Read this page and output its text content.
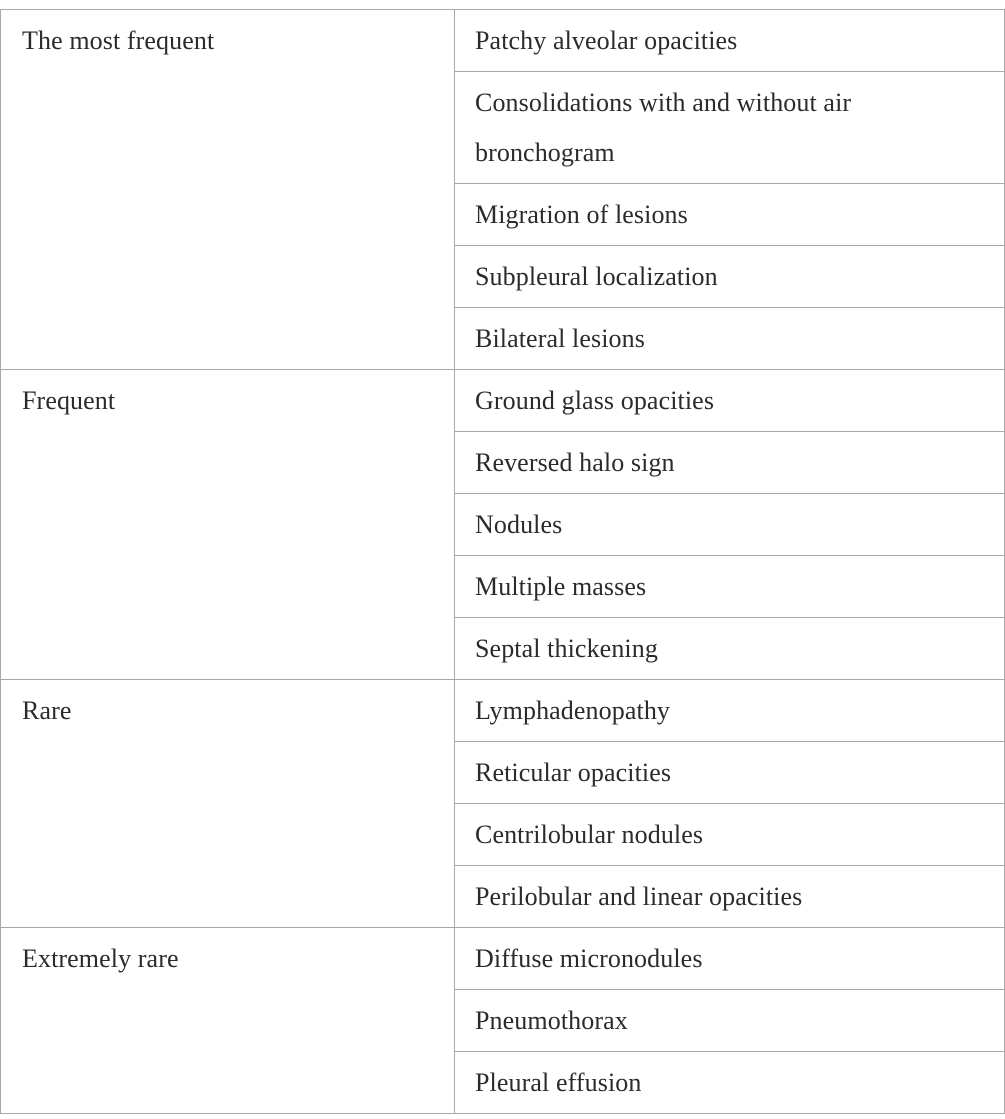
The most frequent	Patchy alveolar opacities
	Consolidations with and without air bronchogram
	Migration of lesions
	Subpleural localization
	Bilateral lesions
Frequent	Ground glass opacities
	Reversed halo sign
	Nodules
	Multiple masses
	Septal thickening
Rare	Lymphadenopathy
	Reticular opacities
	Centrilobular nodules
	Perilobular and linear opacities
Extremely rare	Diffuse micronodules
	Pneumothorax
	Pleural effusion
